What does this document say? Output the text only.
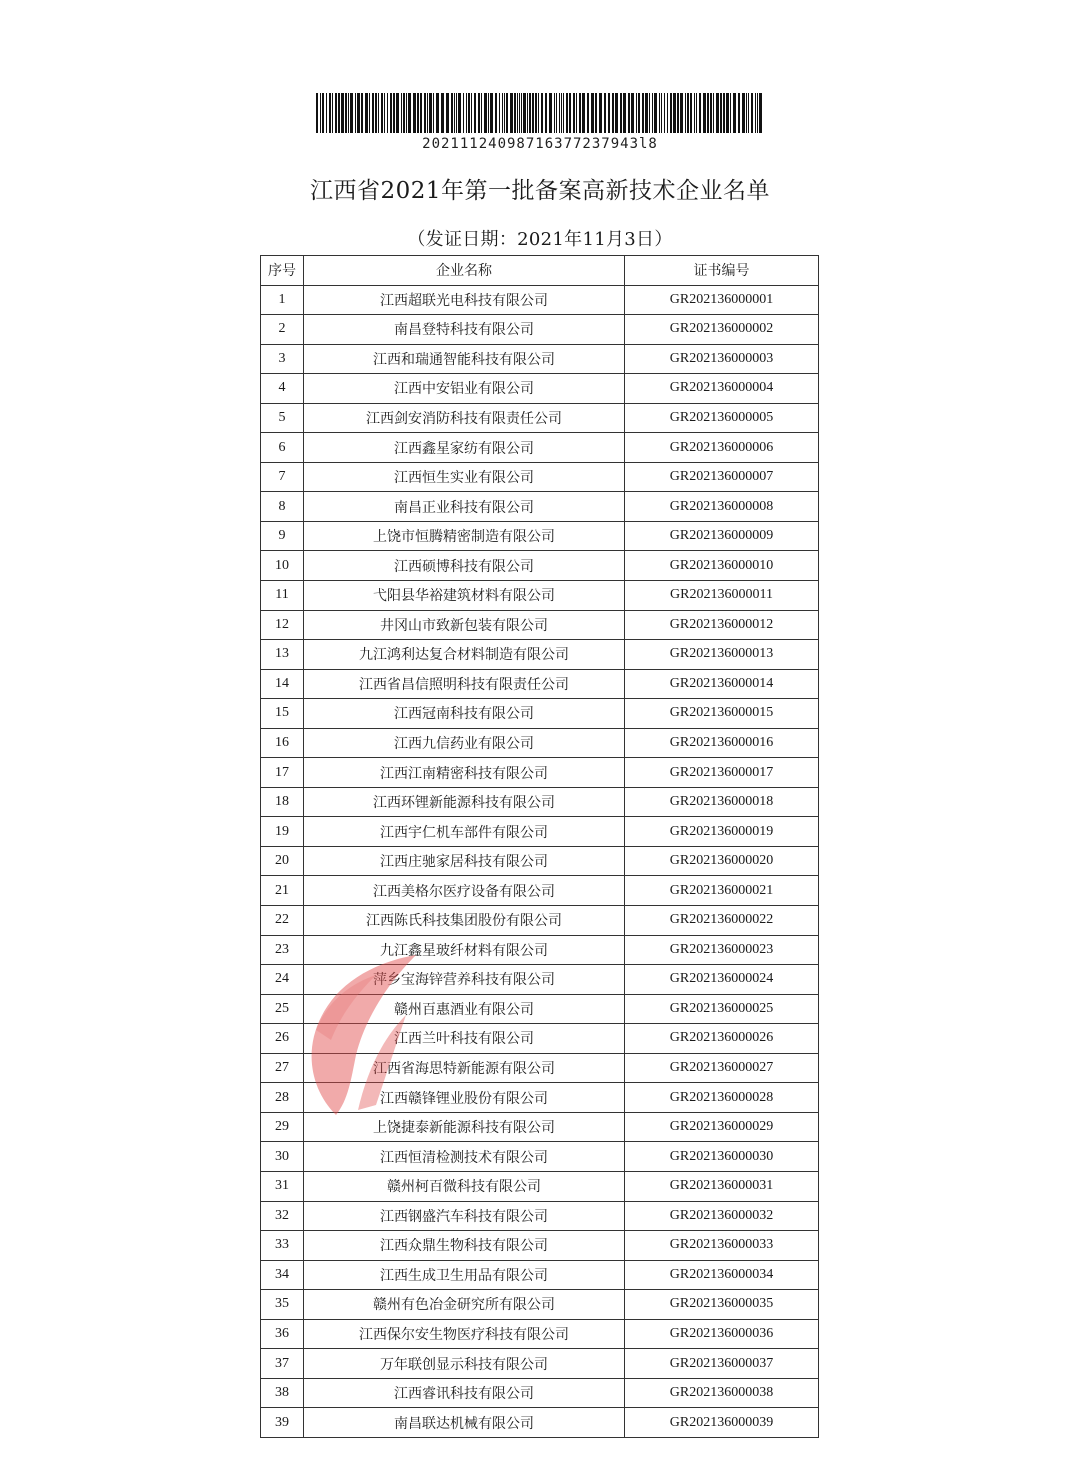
20211124098716377237943l8
江西省2021年第一批备案高新技术企业名单
（发证日期：2021年11月3日）
序号	企业名称	证书编号
1	江西超联光电科技有限公司	GR202136000001
2	南昌登特科技有限公司	GR202136000002
3	江西和瑞通智能科技有限公司	GR202136000003
4	江西中安铝业有限公司	GR202136000004
5	江西剑安消防科技有限责任公司	GR202136000005
6	江西鑫星家纺有限公司	GR202136000006
7	江西恒生实业有限公司	GR202136000007
8	南昌正业科技有限公司	GR202136000008
9	上饶市恒腾精密制造有限公司	GR202136000009
10	江西硕博科技有限公司	GR202136000010
11	弋阳县华裕建筑材料有限公司	GR202136000011
12	井冈山市致新包装有限公司	GR202136000012
13	九江鸿利达复合材料制造有限公司	GR202136000013
14	江西省昌信照明科技有限责任公司	GR202136000014
15	江西冠南科技有限公司	GR202136000015
16	江西九信药业有限公司	GR202136000016
17	江西江南精密科技有限公司	GR202136000017
18	江西环锂新能源科技有限公司	GR202136000018
19	江西宇仁机车部件有限公司	GR202136000019
20	江西庄驰家居科技有限公司	GR202136000020
21	江西美格尔医疗设备有限公司	GR202136000021
22	江西陈氏科技集团股份有限公司	GR202136000022
23	九江鑫星玻纤材料有限公司	GR202136000023
24	萍乡宝海锌营养科技有限公司	GR202136000024
25	赣州百惠酒业有限公司	GR202136000025
26	江西兰叶科技有限公司	GR202136000026
27	江西省海思特新能源有限公司	GR202136000027
28	江西赣锋锂业股份有限公司	GR202136000028
29	上饶捷泰新能源科技有限公司	GR202136000029
30	江西恒清检测技术有限公司	GR202136000030
31	赣州柯百微科技有限公司	GR202136000031
32	江西钢盛汽车科技有限公司	GR202136000032
33	江西众鼎生物科技有限公司	GR202136000033
34	江西生成卫生用品有限公司	GR202136000034
35	赣州有色冶金研究所有限公司	GR202136000035
36	江西保尔安生物医疗科技有限公司	GR202136000036
37	万年联创显示科技有限公司	GR202136000037
38	江西睿讯科技有限公司	GR202136000038
39	南昌联达机械有限公司	GR202136000039
